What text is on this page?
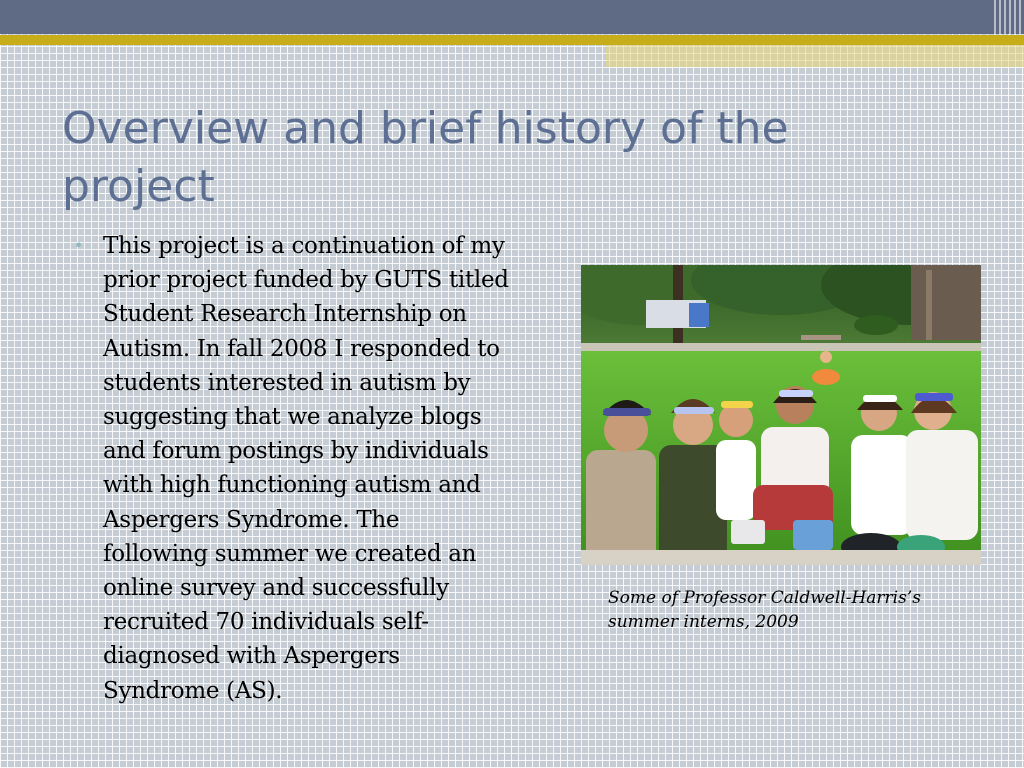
Overview and brief history of the
project
• This project is a continuation of my
prior project funded by GUTS titled
Student Research Internship on
Autism. In fall 2008 I responded to
students interested in autism by
suggesting that we analyze blogs
and forum postings by individuals
with high functioning autism and
Aspergers Syndrome. The
following summer we created an
online survey and successfully
recruited 70 individuals self-
diagnosed with Aspergers
Syndrome (AS).

Some of Professor Caldwell-Harris’s
summer interns, 2009
